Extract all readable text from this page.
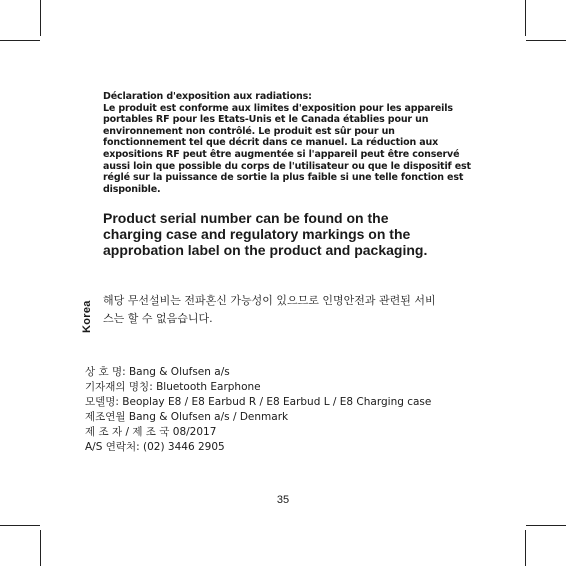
Déclaration d'exposition aux radiations:
Le produit est conforme aux limites d'exposition pour les appareils
portables RF pour les Etats-Unis et le Canada établies pour un
environnement non contrôlé. Le produit est sûr pour un
fonctionnement tel que décrit dans ce manuel. La réduction aux
expositions RF peut être augmentée si l'appareil peut être conservé
aussi loin que possible du corps de l'utilisateur ou que le dispositif est
réglé sur la puissance de sortie la plus faible si une telle fonction est
disponible.
Product serial number can be found on the
charging case and regulatory markings on the
approbation label on the product and packaging.
Korea 해당 무선설비는 전파혼신 가능성이 있으므로 인명안전과 관련된 서비
스는 할 수 없음습니다.
상 호 명: Bang & Olufsen a/s
기자재의 명칭: Bluetooth Earphone
모델명: Beoplay E8 / E8 Earbud R / E8 Earbud L / E8 Charging case
제조연월 Bang & Olufsen a/s / Denmark
제 조 자 / 제 조 국 08/2017
A/S 연락처: (02) 3446 2905
35
